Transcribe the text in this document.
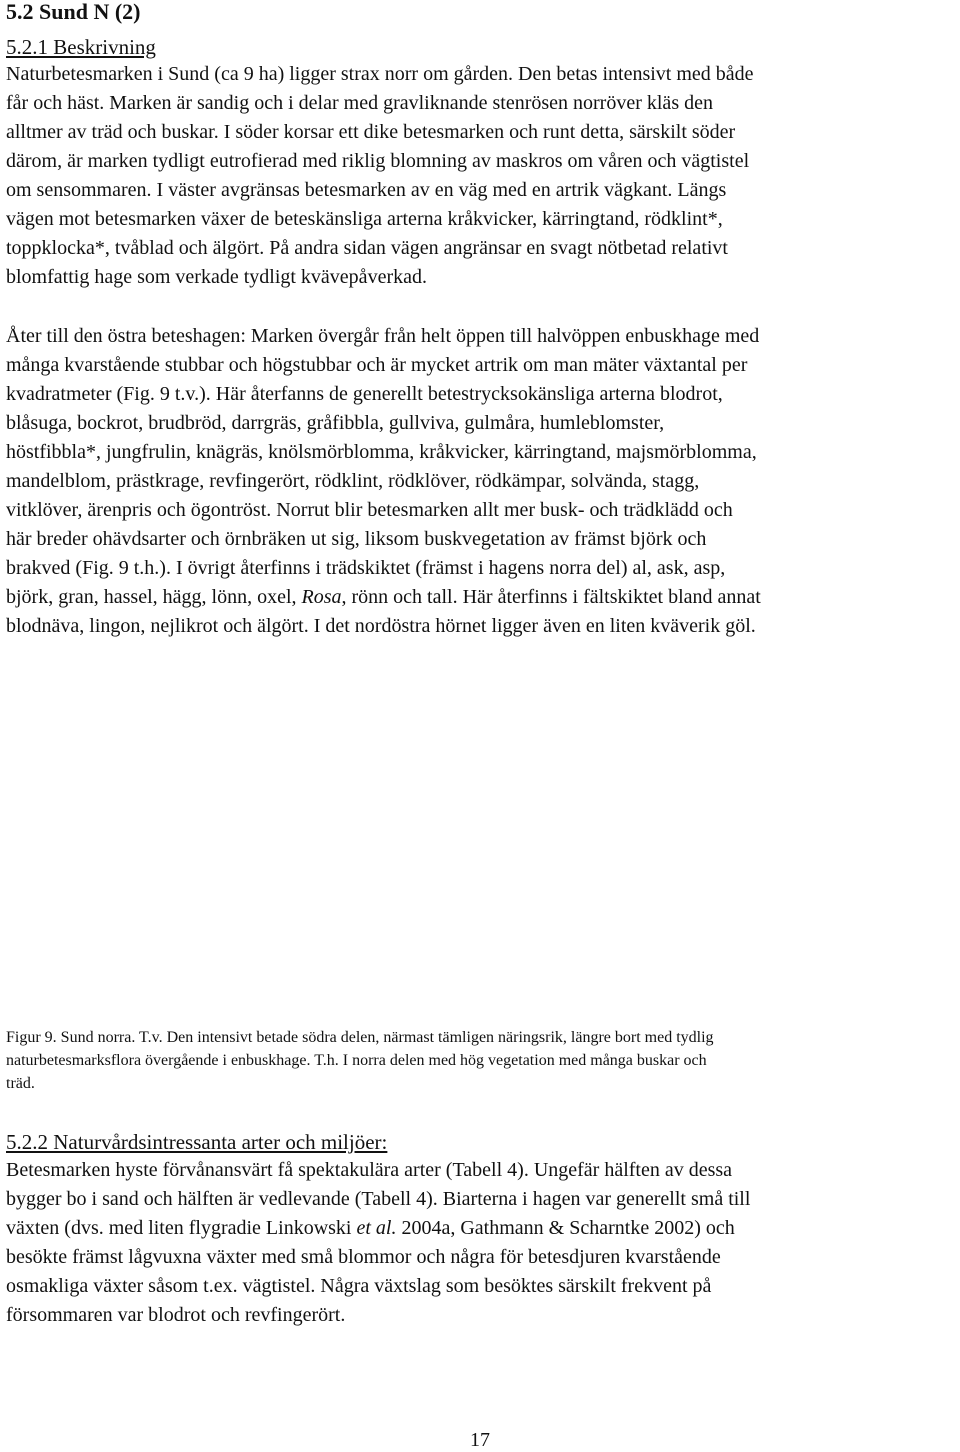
5.2 Sund N (2)
5.2.1 Beskrivning
Naturbetesmarken i Sund (ca 9 ha) ligger strax norr om gården. Den betas intensivt med både
får och häst. Marken är sandig och i delar med gravliknande stenrösen norröver kläs den
alltmer av träd och buskar. I söder korsar ett dike betesmarken och runt detta, särskilt söder
därom, är marken tydligt eutrofierad med riklig blomning av maskros om våren och vägtistel
om sensommaren. I väster avgränsas betesmarken av en väg med en artrik vägkant. Längs
vägen mot betesmarken växer de beteskänsliga arterna kråkvicker, kärringtand, rödklint*,
toppklocka*, tvåblad och älgört. På andra sidan vägen angränsar en svagt nötbetad relativt
blomfattig hage som verkade tydligt kvävepåverkad.
Åter till den östra beteshagen: Marken övergår från helt öppen till halvöppen enbuskhage med
många kvarstående stubbar och högstubbar och är mycket artrik om man mäter växtantal per
kvadratmeter (Fig. 9 t.v.). Här återfanns de generellt betestrycksokänsliga arterna blodrot,
blåsuga, bockrot, brudbröd, darrgräs, gråfibbla, gullviva, gulmåra, humleblomster,
höstfibbla*, jungfrulin, knägräs, knölsmörblomma, kråkvicker, kärringtand, majsmörblomma,
mandelblom, prästkrage, revfingerört, rödklint, rödklöver, rödkämpar, solvända, stagg,
vitklöver, ärenpris och ögontröst. Norrut blir betesmarken allt mer busk- och trädklädd och
här breder ohävdsarter och örnbräken ut sig, liksom buskvegetation av främst björk och
brakved (Fig. 9 t.h.). I övrigt återfinns i trädskiktet (främst i hagens norra del) al, ask, asp,
björk, gran, hassel, hägg, lönn, oxel, Rosa, rönn och tall. Här återfinns i fältskiktet bland annat
blodnäva, lingon, nejlikrot och älgört. I det nordöstra hörnet ligger även en liten kväverik göl.
Figur 9. Sund norra. T.v. Den intensivt betade södra delen, närmast tämligen näringsrik, längre bort med tydlig
naturbetesmarksflora övergående i enbuskhage. T.h. I norra delen med hög vegetation med många buskar och
träd.
5.2.2 Naturvårdsintressanta arter och miljöer:
Betesmarken hyste förvånansvärt få spektakulära arter (Tabell 4). Ungefär hälften av dessa
bygger bo i sand och hälften är vedlevande (Tabell 4). Biarterna i hagen var generellt små till
växten (dvs. med liten flygradie Linkowski et al. 2004a, Gathmann & Scharntke 2002) och
besökte främst lågvuxna växter med små blommor och några för betesdjuren kvarstående
osmakliga växter såsom t.ex. vägtistel. Några växtslag som besöktes särskilt frekvent på
försommaren var blodrot och revfingerört.
17
